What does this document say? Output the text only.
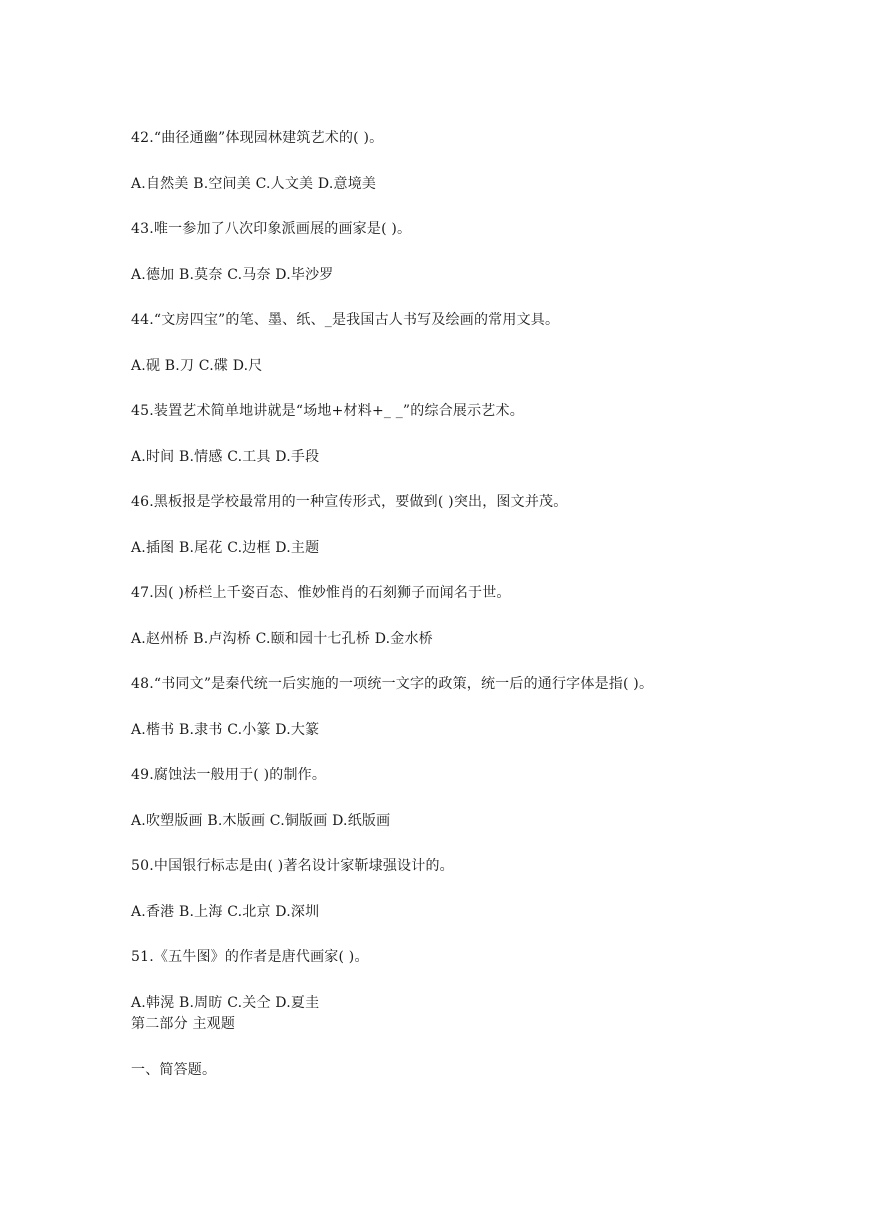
42.“曲径通幽”体现园林建筑艺术的( )。
A.自然美 B.空间美 C.人文美 D.意境美
43.唯一参加了八次印象派画展的画家是( )。
A.德加 B.莫奈 C.马奈 D.毕沙罗
44.“文房四宝”的笔、墨、纸、_是我国古人书写及绘画的常用文具。
A.砚 B.刀 C.碟 D.尺
45.装置艺术简单地讲就是“场地+材料+_ _”的综合展示艺术。
A.时间 B.情感 C.工具 D.手段
46.黑板报是学校最常用的一种宣传形式，要做到( )突出，图文并茂。
A.插图 B.尾花 C.边框 D.主题
47.因( )桥栏上千姿百态、惟妙惟肖的石刻狮子而闻名于世。
A.赵州桥 B.卢沟桥 C.颐和园十七孔桥 D.金水桥
48.“书同文”是秦代统一后实施的一项统一文字的政策，统一后的通行字体是指( )。
A.楷书 B.隶书 C.小篆 D.大篆
49.腐蚀法一般用于( )的制作。
A.吹塑版画 B.木版画 C.铜版画 D.纸版画
50.中国银行标志是由( )著名设计家靳埭强设计的。
A.香港 B.上海 C.北京 D.深圳
51.《五牛图》的作者是唐代画家( )。
A.韩滉 B.周昉 C.关仝 D.夏圭
第二部分 主观题
一、简答题。
